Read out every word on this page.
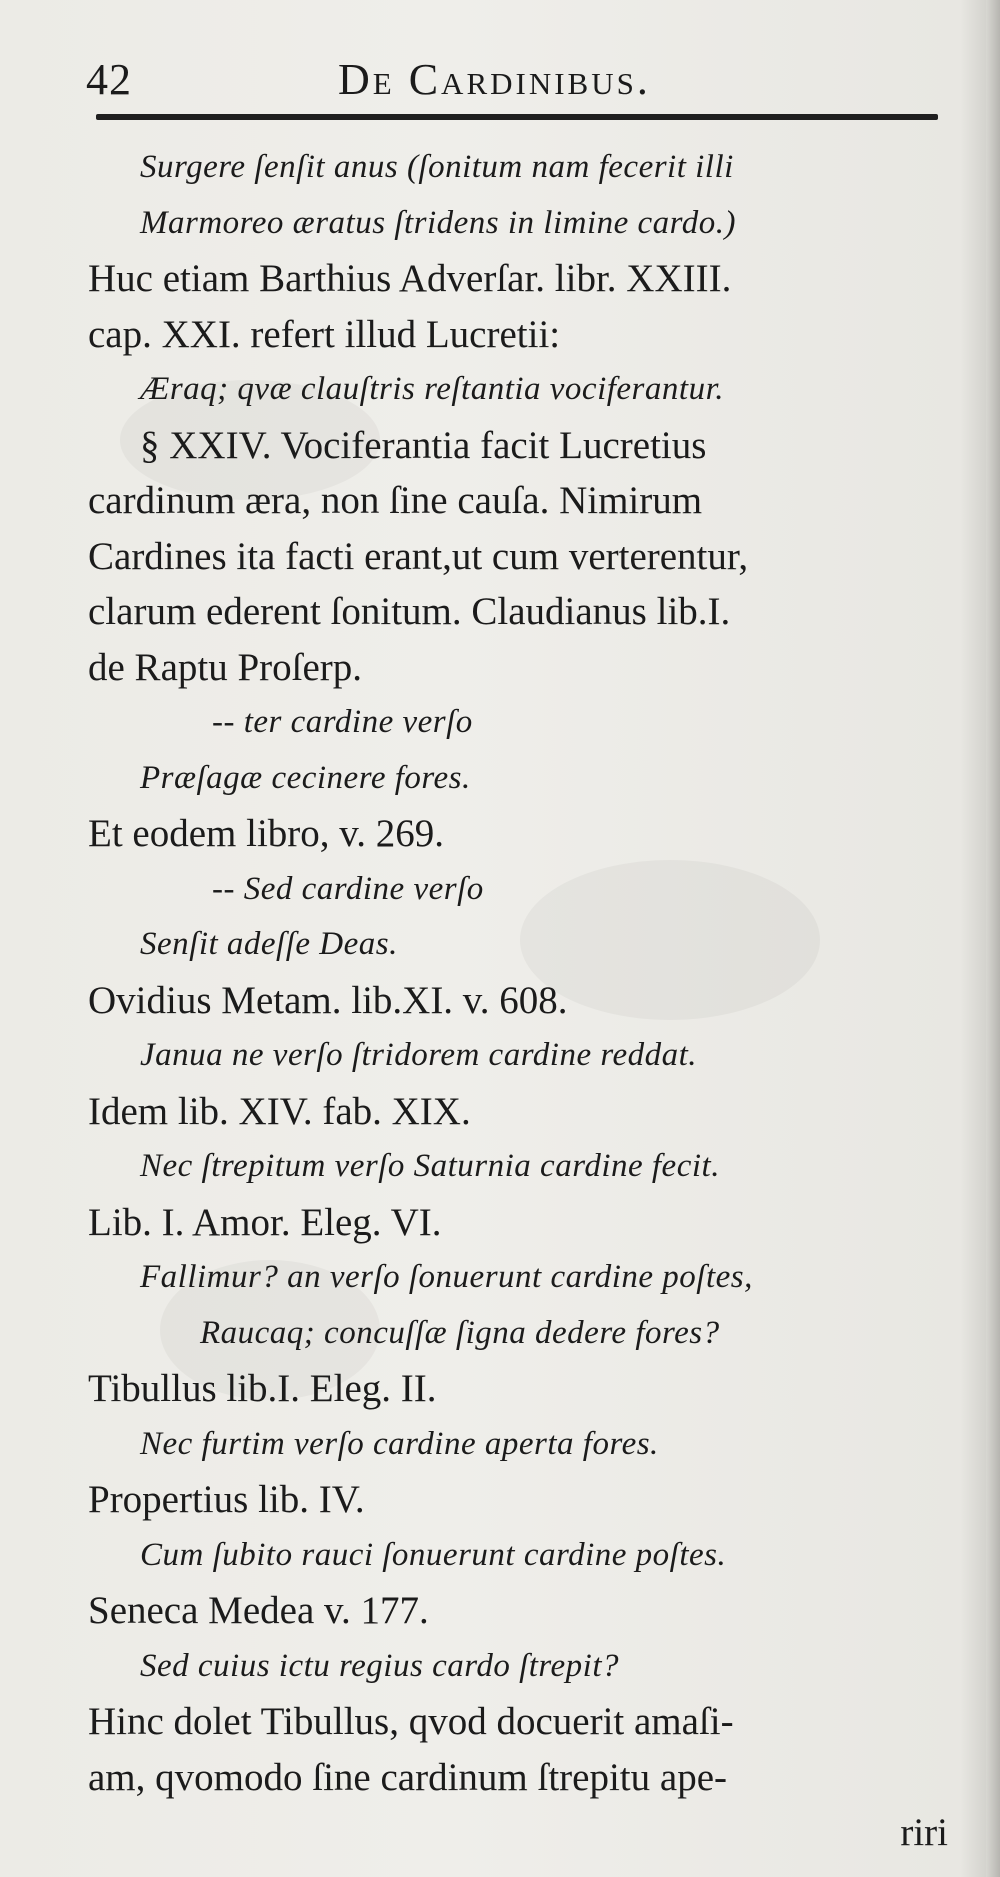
42	De Cardinibus.
Surgere ſenſit anus (ſonitum nam fecerit illi
Marmoreo æratus ſtridens in limine cardo.)
Huc etiam Barthius Adverſar. libr. XXIII.
cap. XXI. refert illud Lucretii:
Æraq; qvæ clauſtris reſtantia vociferantur.
§ XXIV. Vociferantia facit Lucretius
cardinum æra, non ſine cauſa. Nimirum
Cardines ita facti erant,ut cum verterentur,
clarum ederent ſonitum. Claudianus lib.I.
de Raptu Proſerp.
-- ter cardine verſo
Præſagæ cecinere fores.
Et eodem libro, v. 269.
-- Sed cardine verſo
Senſit adeſſe Deas.
Ovidius Metam. lib.XI. v. 608.
Janua ne verſo ſtridorem cardine reddat.
Idem lib. XIV. fab. XIX.
Nec ſtrepitum verſo Saturnia cardine fecit.
Lib. I. Amor. Eleg. VI.
Fallimur? an verſo ſonuerunt cardine poſtes,
Raucaq; concuſſæ ſigna dedere fores?
Tibullus lib.I. Eleg. II.
Nec furtim verſo cardine aperta fores.
Propertius lib. IV.
Cum ſubito rauci ſonuerunt cardine poſtes.
Seneca Medea v. 177.
Sed cuius ictu regius cardo ſtrepit?
Hinc dolet Tibullus, qvod docuerit amaſi-
am, qvomodo ſine cardinum ſtrepitu ape-
riri
